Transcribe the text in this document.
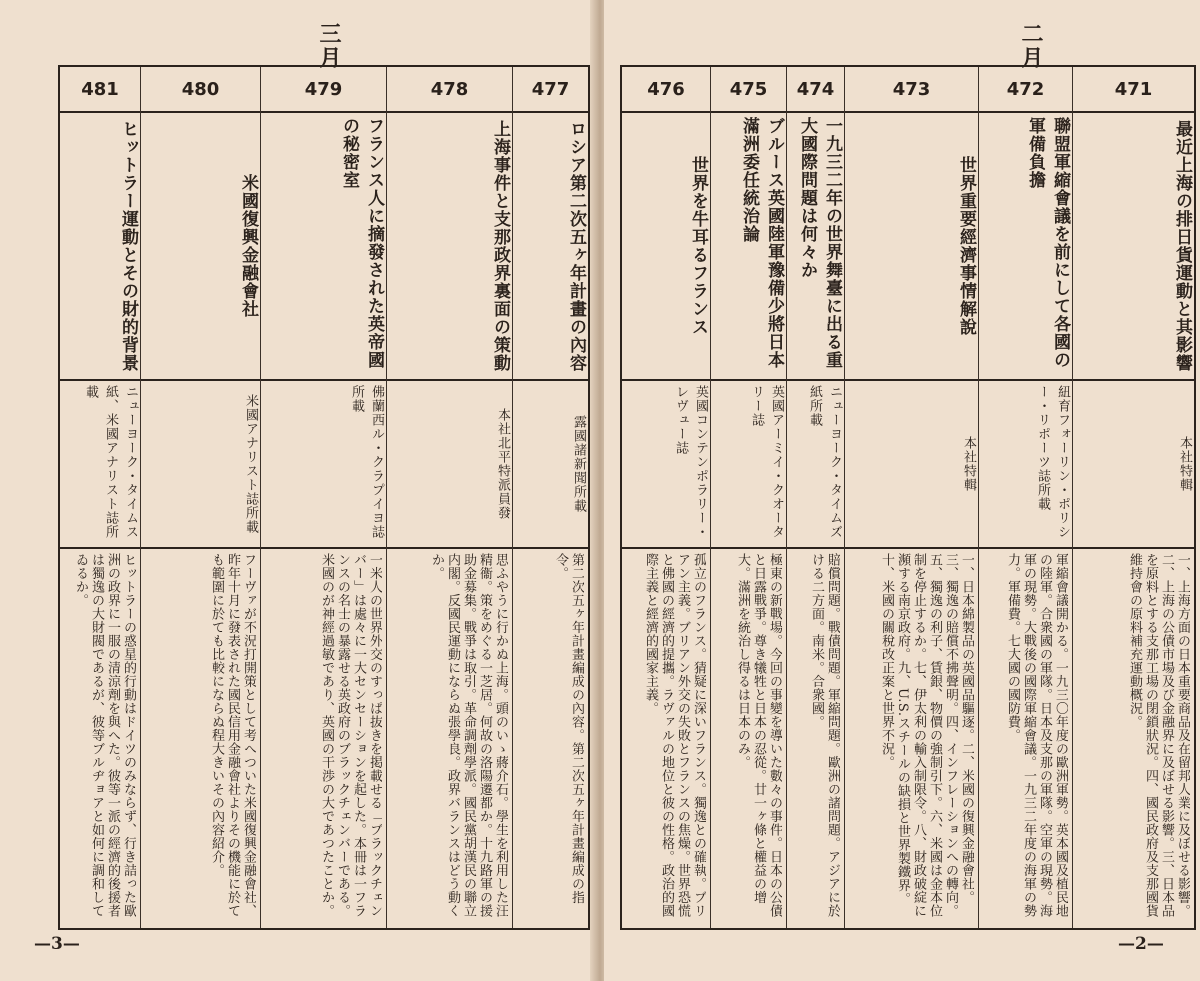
三月
—3—
481
ヒットラー運動とその財的背景
ニューヨーク・タイムス紙、米國アナリスト誌所載
ヒットラーの惑星的行動はドイツのみならず、行き詰った歐洲の政界に一服の清涼劑を與へた。彼等一派の經濟的後援者は獨逸の大財閥であるが、彼等ブルヂョアと如何に調和してゐるか。
480
米國復興金融會社
米國アナリスト誌所載
フーヴァが不況打開策として考へついた米國復興金融會社、昨年十月に發表された國民信用金融會社よりその機能に於ても範圍に於ても比較にならぬ程大きいその內容紹介。
479
フランス人に摘發された英帝國の秘密室
佛蘭西ル・クラプイヨ誌所載
一米人の世界外交のすっぱ抜きを掲載せる「ブラックチェンバー」は處々に一大センセーションを起した。本冊は一フランスの名士の暴露せる英政府のブラックチェンバーである。米國のが神經過敏であり、英國の干渉の大であつたことか。
478
上海事件と支那政界裏面の策動
本社北平特派員發
思ふやうに行かぬ上海。頭のいゝ蔣介石。學生を利用した汪精衞。策をめぐる一芝居。何故の洛陽遷都か。十九路軍の援助金募集。戰爭は取引。革命調劑學派。國民黨胡漢民の聯立内閣。反國民運動にならぬ張學良。政界バランスはどう動くか。
477
ロシア第二次五ヶ年計畫の內容
露國諸新聞所載
第二次五ヶ年計畫編成の內容。第二次五ヶ年計畫編成の指令。
二月
—2—
476
世界を牛耳るフランス
英國コンテンポラリー・レヴュー誌
孤立のフランス。猜疑に深いフランス。獨逸との確執。ブリアン主義。ブリアン外交の失敗とフランスの焦燥。世界恐慌と佛國の經濟的提攜。ラヴァルの地位と彼の性格。政治的國際主義と經濟的國家主義。
475
ブルース英國陸軍豫備少將日本滿洲委任統治論
英國アーミイ・クオータリー誌
極東の新戰場。今回の事變を導いた數々の事件。日本の公債と日露戰爭。尊き犧牲と日本の忍從。廿一ヶ條と權益の增大。滿洲を統治し得るは日本のみ。
474
一九三二年の世界舞臺に出る重大國際問題は何々か
ニューヨーク・タイムズ紙所載
賠償問題。戰債問題。軍縮問題。歐洲の諸問題。アジアに於ける二方面。南米。合衆國。
473
世界重要經濟事情解說
本社特輯
一、日本綿製品の英國品驅逐。二、米國の復興金融會社。三、獨逸の賠償不拂聲明。四、インフレーションへの轉向。五、獨逸の利子、賃銀、物價の強制引下。六、米國は金本位制を停止するか。七、伊太利の輸入制限令。八、財政破綻に瀕する南京政府。九、U.S.スチールの缺損と世界製鐵界。十、米國の關稅改正案と世界不況。
472
聯盟軍縮會議を前にして各國の軍備負擔
紐育フォーリン・ポリシー・リポーツ誌所載
軍縮會議開かる。一九三〇年度の歐洲軍勢。英本國及植民地の陸軍。合衆國の軍隊。日本及支那の軍隊。空軍の現勢。海軍の現勢。大戰後の國際軍縮會議。一九三二年度の海軍の勢力。軍備費。七大國の國防費。
471
最近上海の排日貨運動と其影響
本社特輯
一、上海方面の日本重要商品及在留邦人業に及ぼせる影響。二、上海の公債市場及び金融界に及ぼせる影響。三、日本品を原料とする支那工場の閉鎖狀況。四、國民政府及支那國貨維持會の原料補充運動概況。
